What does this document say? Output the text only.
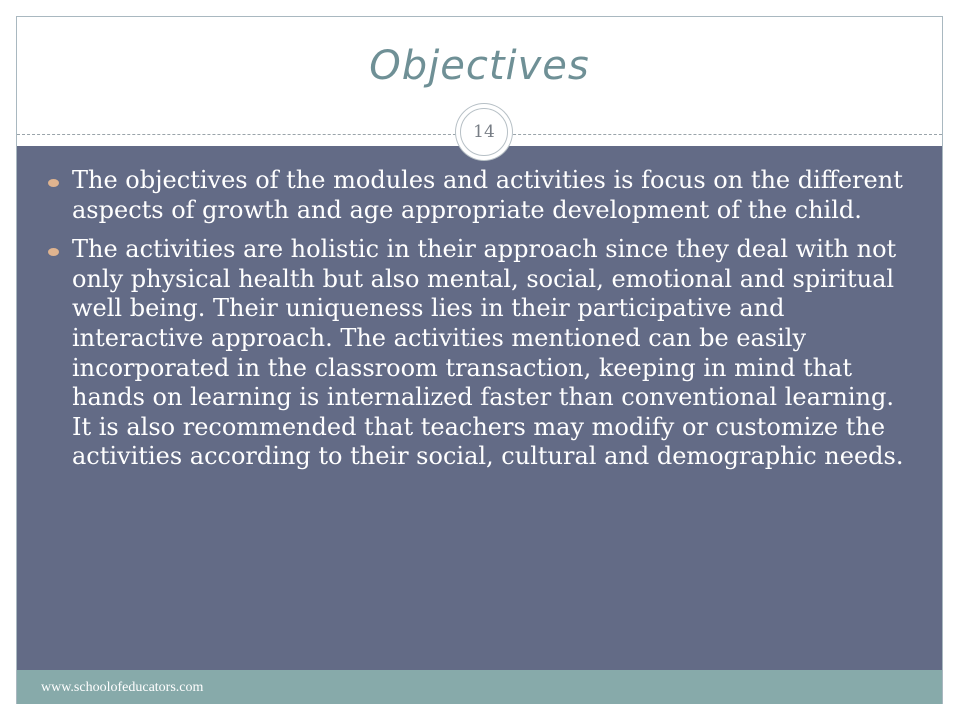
Objectives
14
The objectives of the modules and activities is focus on the different aspects of growth and age appropriate development of the child.
The activities are holistic in their approach since they deal with not only physical health but also mental, social, emotional and spiritual well being. Their uniqueness lies in their participative and interactive approach. The activities mentioned can be easily incorporated in the classroom transaction, keeping in mind that hands on learning is internalized faster than conventional learning. It is also recommended that teachers may modify or customize the activities according to their social, cultural and demographic needs.
www.schoolofeducators.com
